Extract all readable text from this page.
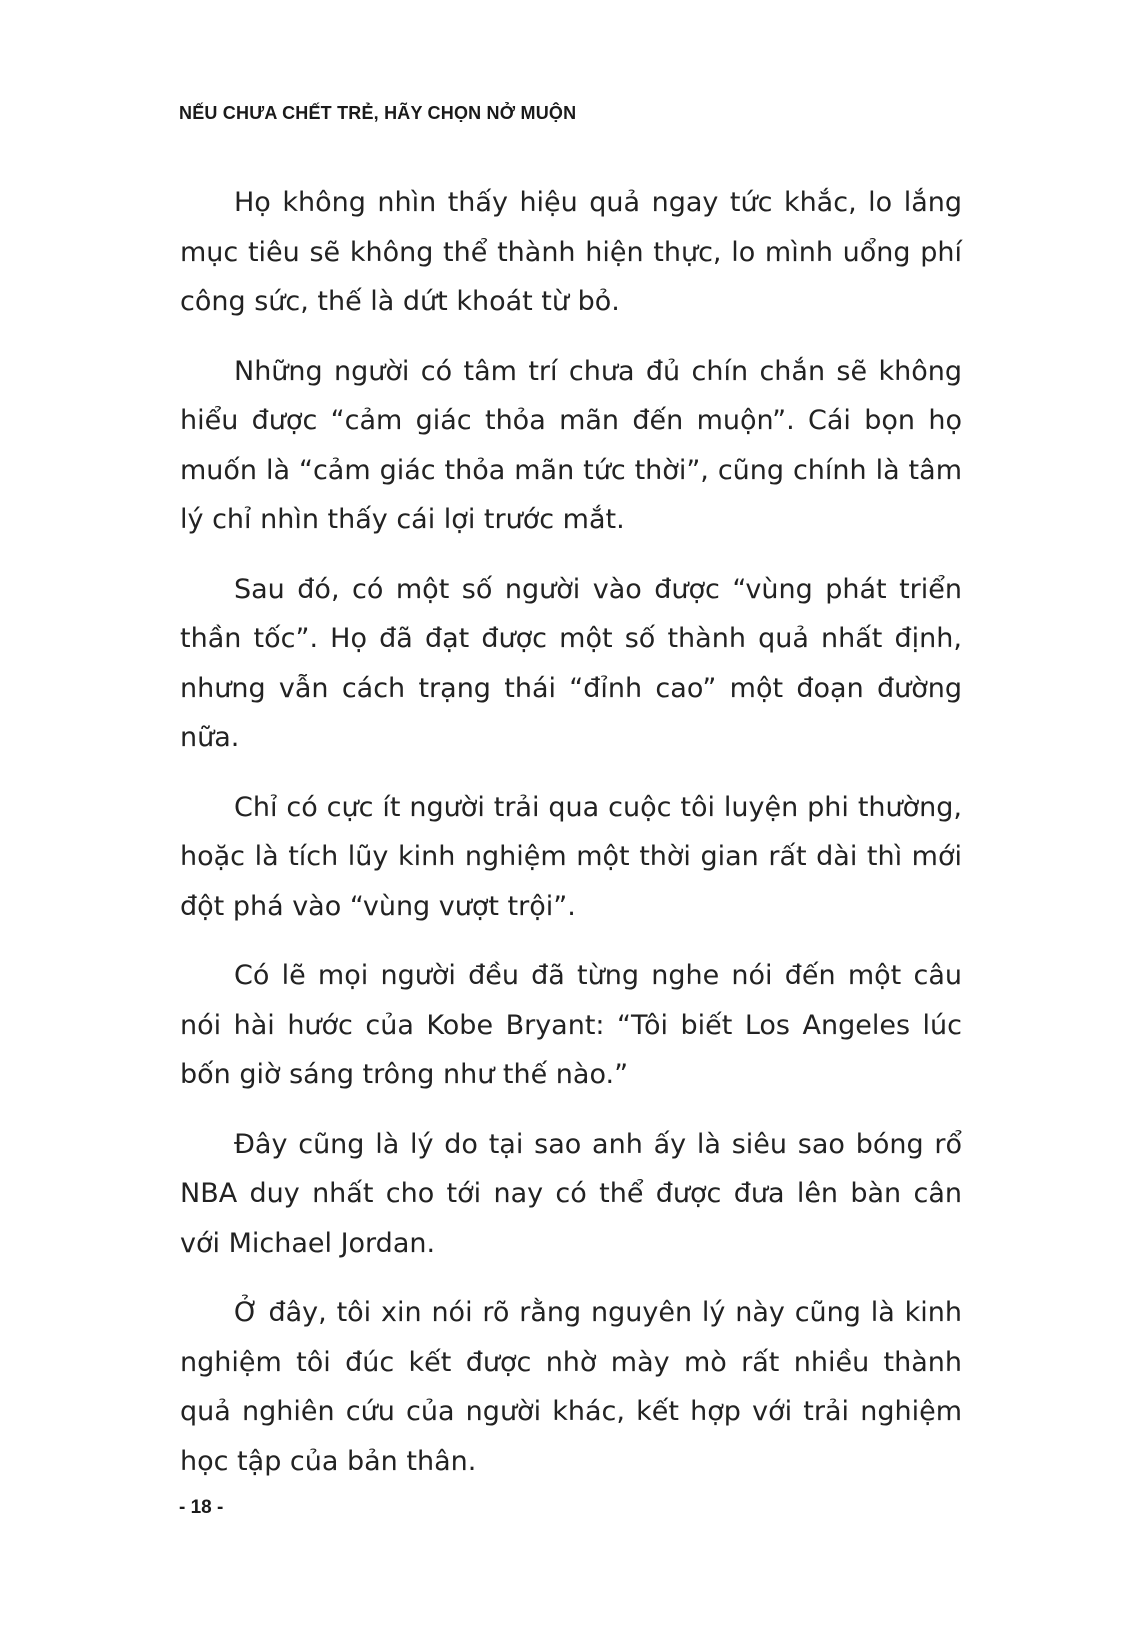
NẾU CHƯA CHẾT TRẺ, HÃY CHỌN NỞ MUỘN

Họ không nhìn thấy hiệu quả ngay tức khắc, lo lắng mục tiêu sẽ không thể thành hiện thực, lo mình uổng phí công sức, thế là dứt khoát từ bỏ.

Những người có tâm trí chưa đủ chín chắn sẽ không hiểu được “cảm giác thỏa mãn đến muộn”. Cái bọn họ muốn là “cảm giác thỏa mãn tức thời”, cũng chính là tâm lý chỉ nhìn thấy cái lợi trước mắt.

Sau đó, có một số người vào được “vùng phát triển thần tốc”. Họ đã đạt được một số thành quả nhất định, nhưng vẫn cách trạng thái “đỉnh cao” một đoạn đường nữa.

Chỉ có cực ít người trải qua cuộc tôi luyện phi thường, hoặc là tích lũy kinh nghiệm một thời gian rất dài thì mới đột phá vào “vùng vượt trội”.

Có lẽ mọi người đều đã từng nghe nói đến một câu nói hài hước của Kobe Bryant: “Tôi biết Los Angeles lúc bốn giờ sáng trông như thế nào.”

Đây cũng là lý do tại sao anh ấy là siêu sao bóng rổ NBA duy nhất cho tới nay có thể được đưa lên bàn cân với Michael Jordan.

Ở đây, tôi xin nói rõ rằng nguyên lý này cũng là kinh nghiệm tôi đúc kết được nhờ mày mò rất nhiều thành quả nghiên cứu của người khác, kết hợp với trải nghiệm học tập của bản thân.

- 18 -
